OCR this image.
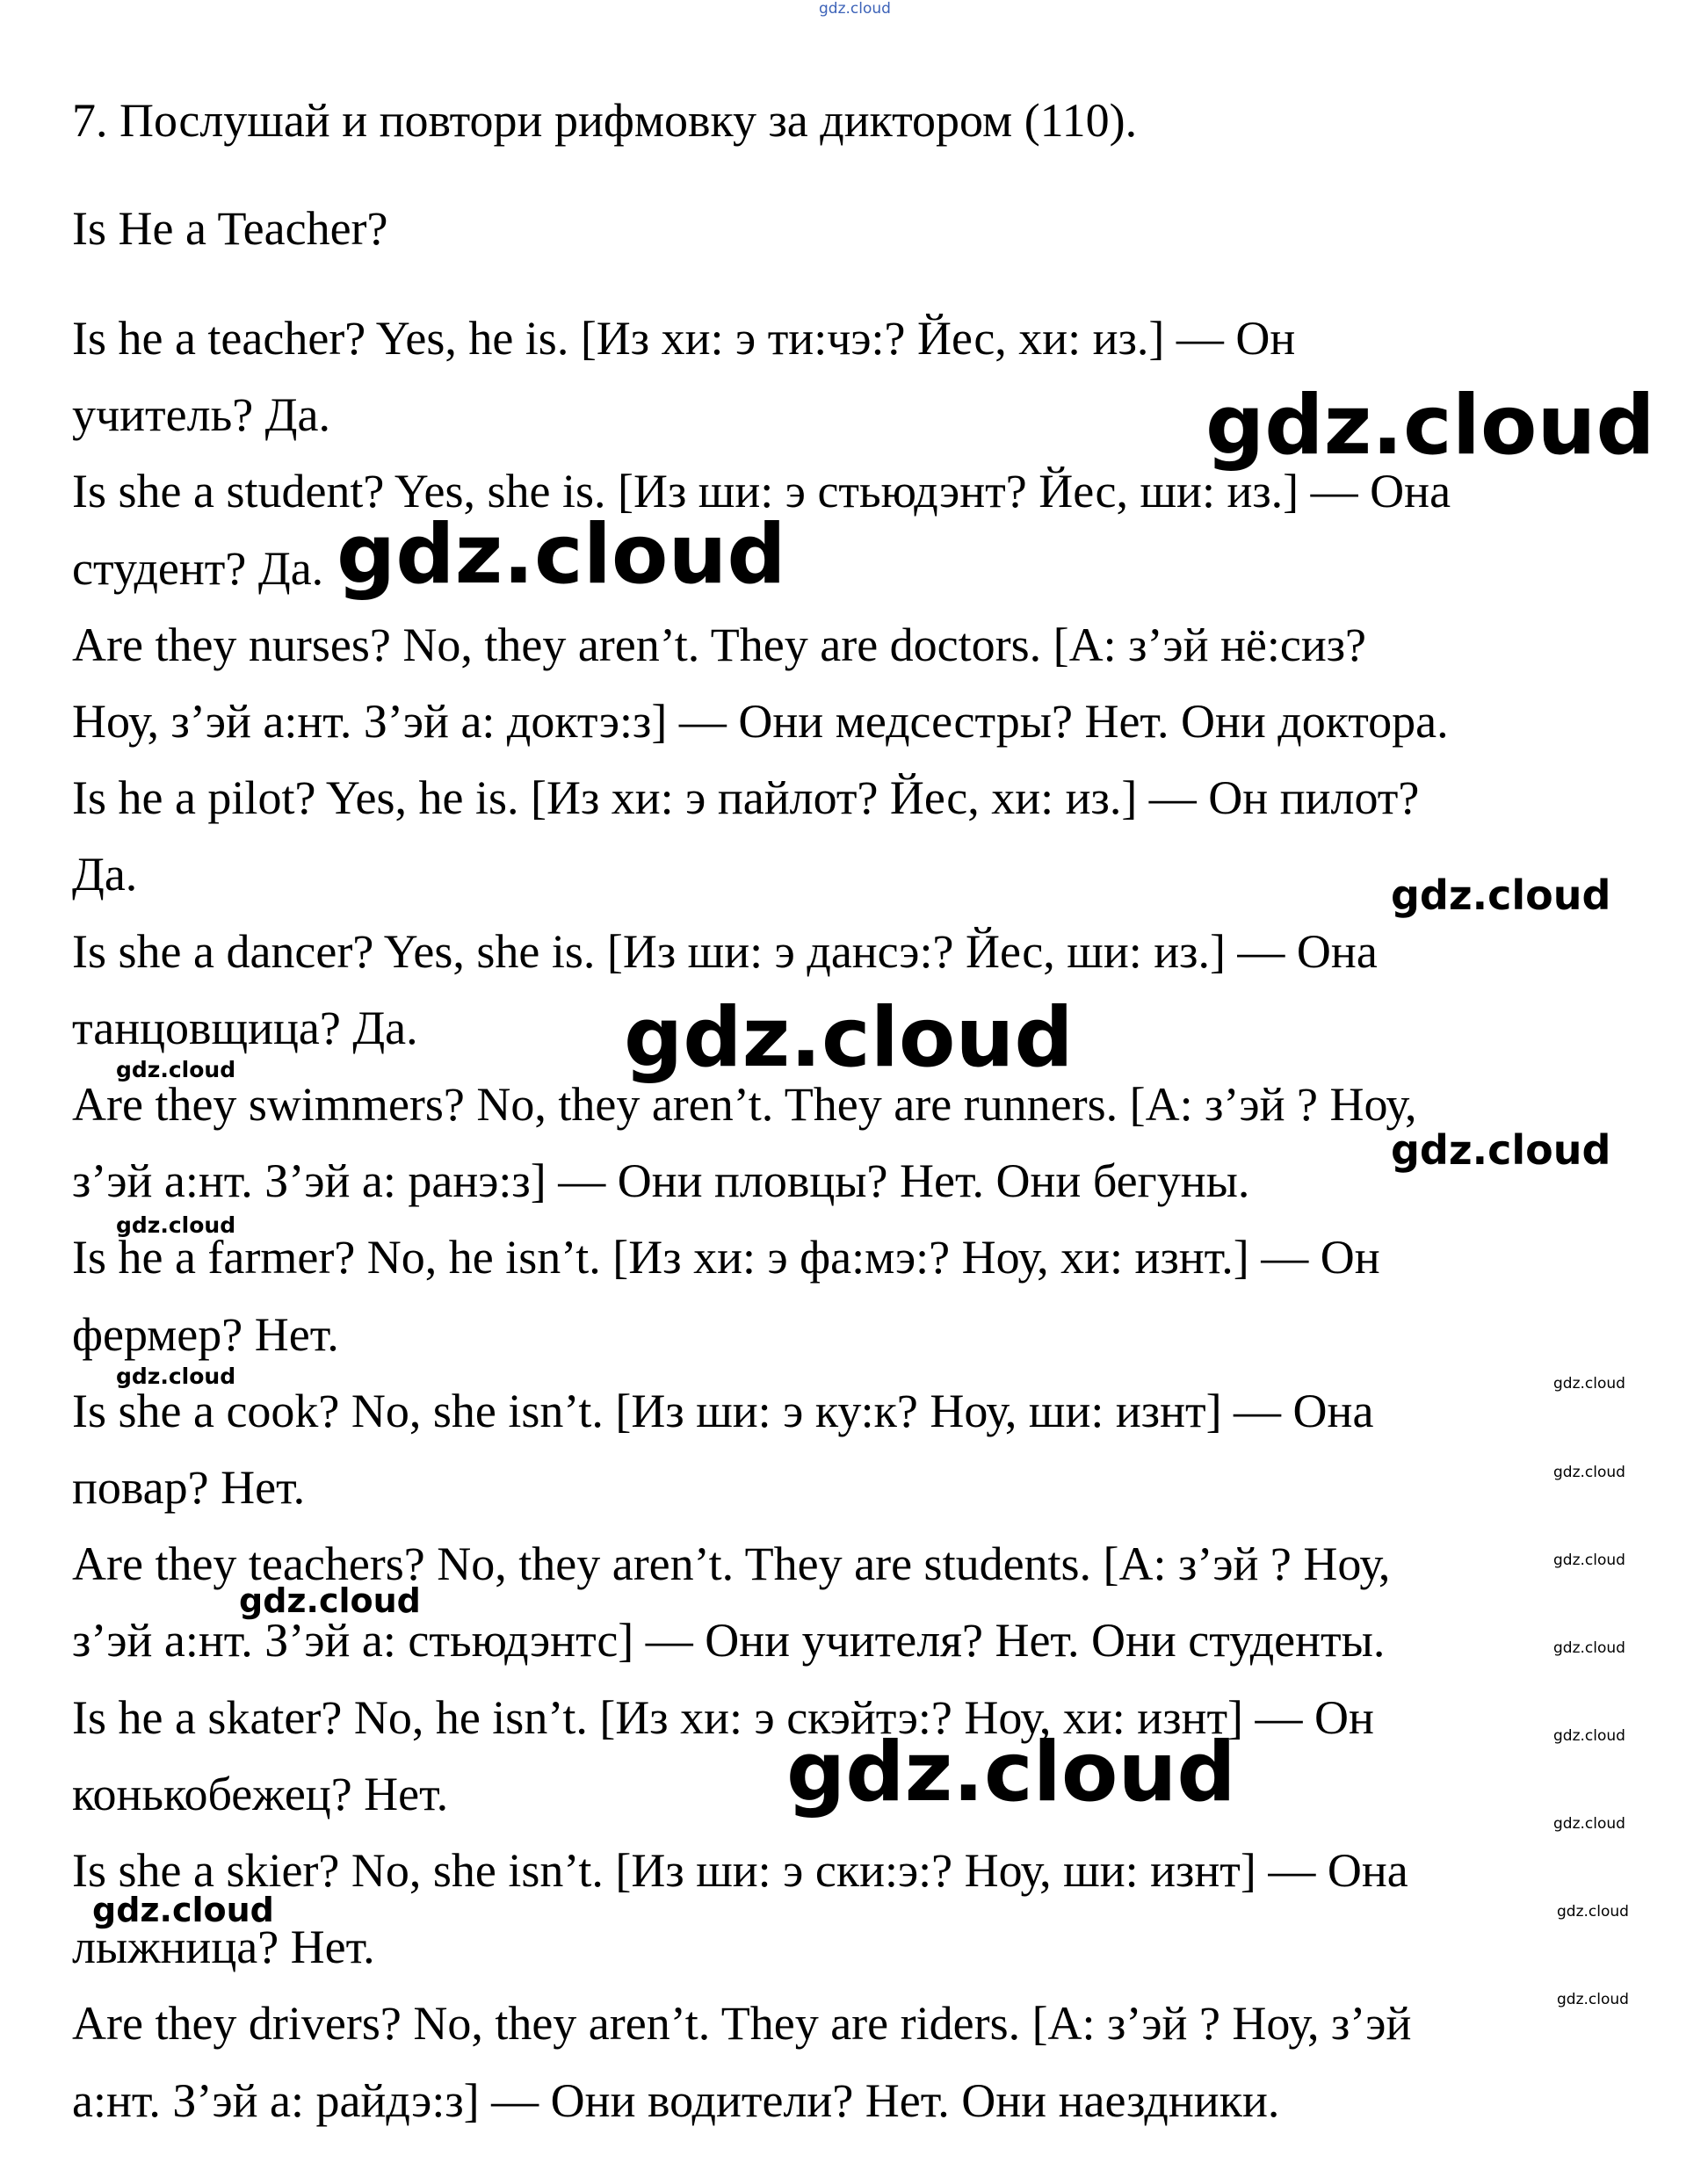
7. Послушай и повтори рифмовку за диктором (110).

Is He a Teacher?

Is he a teacher? Yes, he is. [Из хи: э ти:чэ:? Йес, хи: из.] — Он

учитель? Да.

Is she a student? Yes, she is. [Из ши: э стьюдэнт? Йес, ши: из.] — Она

студент? Да.

Are they nurses? No, they aren’t. They are doctors. [А: з’эй нё:сиз?

Ноу, з’эй а:нт. З’эй а: доктэ:з] — Они медсестры? Нет. Они доктора.

Is he a pilot? Yes, he is. [Из хи: э пайлот? Йес, хи: из.] — Он пилот?

Да.

Is she a dancer? Yes, she is. [Из ши: э дансэ:? Йес, ши: из.] — Она

танцовщица? Да.

Are they swimmers? No, they aren’t. They are runners. [А: з’эй ? Ноу,

з’эй а:нт. З’эй а: ранэ:з] — Они пловцы? Нет. Они бегуны.

Is he a farmer? No, he isn’t. [Из хи: э фа:мэ:? Ноу, хи: изнт.] — Он

фермер? Нет.

Is she a cook? No, she isn’t. [Из ши: э ку:к? Ноу, ши: изнт] — Она

повар? Нет.

Are they teachers? No, they aren’t. They are students. [А: з’эй ? Ноу,

з’эй а:нт. З’эй а: стьюдэнтс] — Они учителя? Нет. Они студенты.

Is he a skater? No, he isn’t. [Из хи: э скэйтэ:? Ноу, хи: изнт] — Он

конькобежец? Нет.

Is she a skier? No, she isn’t. [Из ши: э ски:э:? Ноу, ши: изнт] — Она

лыжница? Нет.

Are they drivers? No, they aren’t. They are riders. [А: з’эй ? Ноу, з’эй

а:нт. З’эй а: райдэ:з] — Они водители? Нет. Они наездники.

gdz.cloud
gdz.cloud
gdz.cloud
gdz.cloud
gdz.cloud
gdz.cloud
gdz.cloud
gdz.cloud
gdz.cloud	gdz.cloud
gdz.cloud
gdz.cloud
gdz.cloud
gdz.cloud
gdz.cloud
gdz.cloud
gdz.cloud
gdz.cloud	gdz.cloud
gdz.cloud
